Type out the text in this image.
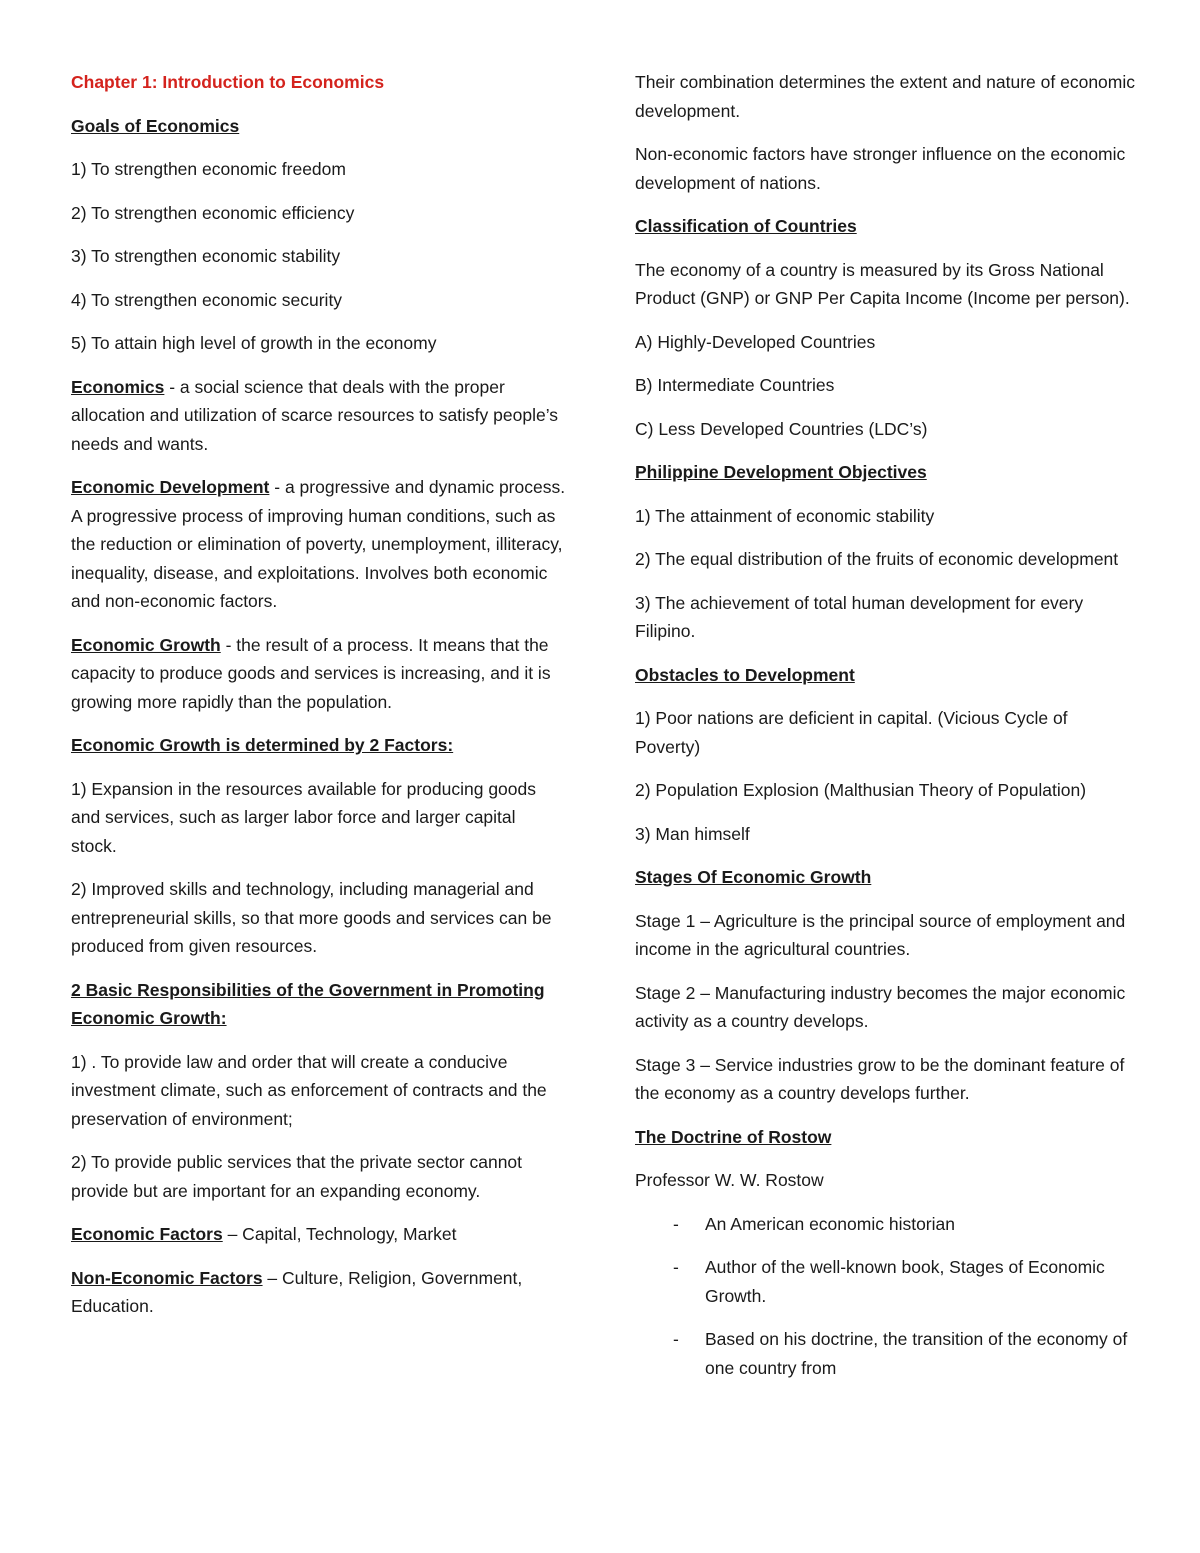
Chapter 1: Introduction to Economics

Goals of Economics

1) To strengthen economic freedom

2) To strengthen economic efficiency

3) To strengthen economic stability

4) To strengthen economic security

5) To attain high level of growth in the economy

Economics - a social science that deals with the proper allocation and utilization of scarce resources to satisfy people’s needs and wants.

Economic Development - a progressive and dynamic process. A progressive process of improving human conditions, such as the reduction or elimination of poverty, unemployment, illiteracy, inequality, disease, and exploitations. Involves both economic and non-economic factors.

Economic Growth - the result of a process. It means that the capacity to produce goods and services is increasing, and it is growing more rapidly than the population.

Economic Growth is determined by 2 Factors:

1) Expansion in the resources available for producing goods and services, such as larger labor force and larger capital stock.

2) Improved skills and technology, including managerial and entrepreneurial skills, so that more goods and services can be produced from given resources.

2 Basic Responsibilities of the Government in Promoting Economic Growth:

1) . To provide law and order that will create a conducive investment climate, such as enforcement of contracts and the preservation of environment;

2) To provide public services that the private sector cannot provide but are important for an expanding economy.

Economic Factors – Capital, Technology, Market

Non-Economic Factors – Culture, Religion, Government, Education.

Their combination determines the extent and nature of economic development.

Non-economic factors have stronger influence on the economic development of nations.

Classification of Countries

The economy of a country is measured by its Gross National Product (GNP) or GNP Per Capita Income (Income per person).

A) Highly-Developed Countries

B) Intermediate Countries

C) Less Developed Countries (LDC’s)

Philippine Development Objectives

1) The attainment of economic stability

2) The equal distribution of the fruits of economic development

3) The achievement of total human development for every Filipino.

Obstacles to Development

1) Poor nations are deficient in capital. (Vicious Cycle of Poverty)

2) Population Explosion (Malthusian Theory of Population)

3) Man himself

Stages Of Economic Growth

Stage 1 – Agriculture is the principal source of employment and income in the agricultural countries.

Stage 2 – Manufacturing industry becomes the major economic activity as a country develops.

Stage 3 – Service industries grow to be the dominant feature of the economy as a country develops further.

The Doctrine of Rostow

Professor W. W. Rostow

- An American economic historian
- Author of the well-known book, Stages of Economic Growth.
- Based on his doctrine, the transition of the economy of one country from
